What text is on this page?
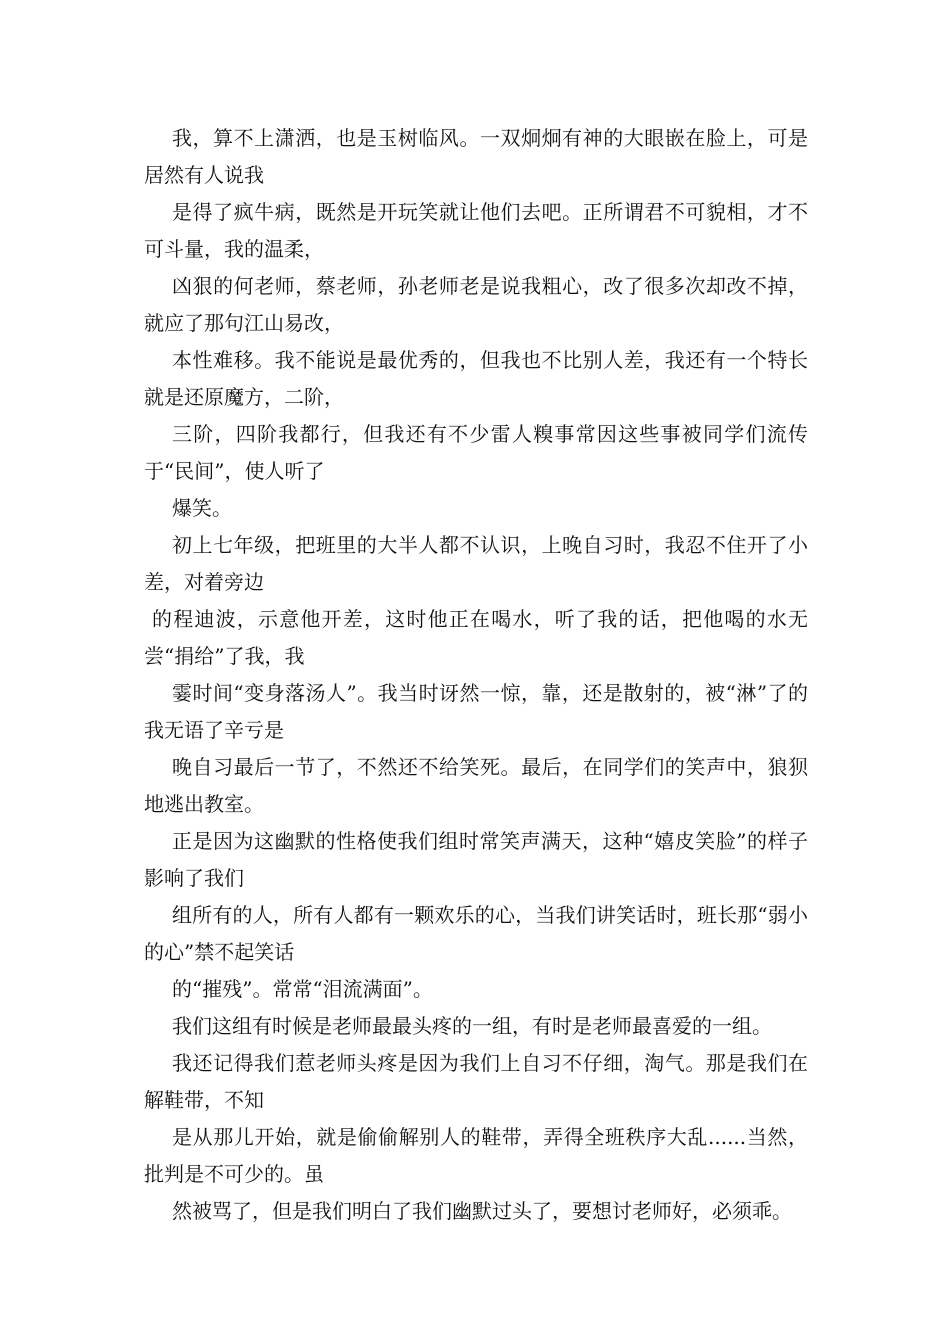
我，算不上潇洒，也是玉树临风。一双炯炯有神的大眼嵌在脸上，可是居然有人说我

是得了疯牛病，既然是开玩笑就让他们去吧。正所谓君不可貌相，才不可斗量，我的温柔，

凶狠的何老师，蔡老师，孙老师老是说我粗心，改了很多次却改不掉，就应了那句江山易改，

本性难移。我不能说是最优秀的，但我也不比别人差，我还有一个特长就是还原魔方，二阶，

三阶，四阶我都行，但我还有不少雷人糗事常因这些事被同学们流传于“民间”，使人听了

爆笑。

初上七年级，把班里的大半人都不认识，上晚自习时，我忍不住开了小差，对着旁边

的程迪波，示意他开差，这时他正在喝水，听了我的话，把他喝的水无尝“捐给”了我，我

霎时间“变身落汤人”。我当时讶然一惊，靠，还是散射的，被“淋”了的我无语了辛亏是

晚自习最后一节了，不然还不给笑死。最后，在同学们的笑声中，狼狈地逃出教室。

正是因为这幽默的性格使我们组时常笑声满天，这种“嬉皮笑脸”的样子影响了我们

组所有的人，所有人都有一颗欢乐的心，当我们讲笑话时，班长那“弱小的心”禁不起笑话

的“摧残”。常常“泪流满面”。

我们这组有时候是老师最最头疼的一组，有时是老师最喜爱的一组。

我还记得我们惹老师头疼是因为我们上自习不仔细，淘气。那是我们在解鞋带，不知

是从那儿开始，就是偷偷解别人的鞋带，弄得全班秩序大乱......当然，批判是不可少的。虽

然被骂了，但是我们明白了我们幽默过头了，要想讨老师好，必须乖。
